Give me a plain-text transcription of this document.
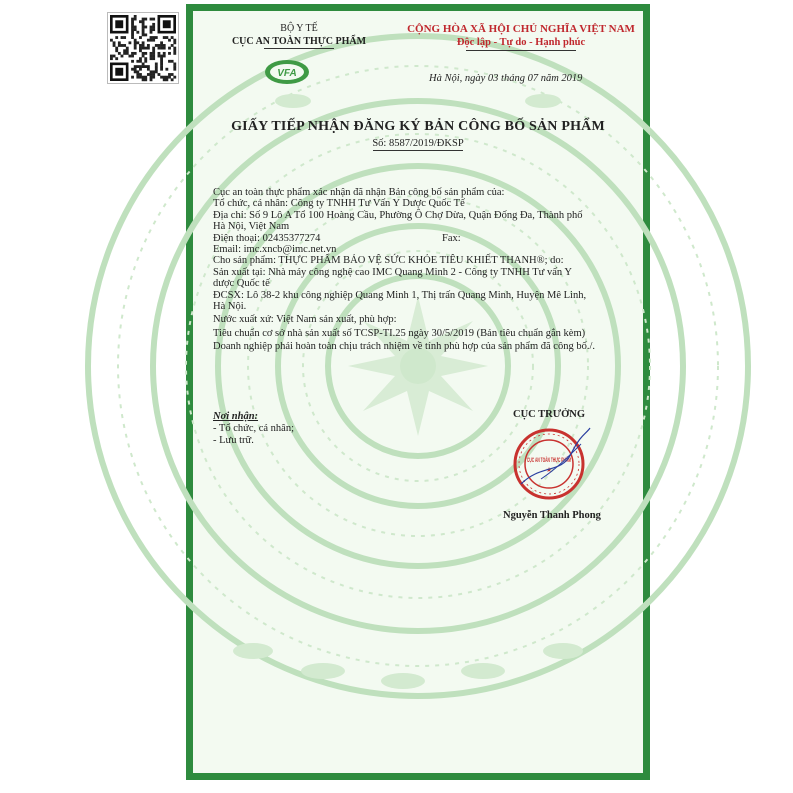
BỘ Y TẾ
CỤC AN TOÀN THỰC PHẨM
VFA
CỘNG HÒA XÃ HỘI CHỦ NGHĨA VIỆT NAM
Độc lập - Tự do - Hạnh phúc
Hà Nội, ngày 03 tháng 07 năm 2019
GIẤY TIẾP NHẬN ĐĂNG KÝ BẢN CÔNG BỐ SẢN PHẨM
Số: 8587/2019/ĐKSP
Cục an toàn thực phẩm xác nhận đã nhận Bản công bố sản phẩm của:
Tổ chức, cá nhân: Công ty TNHH Tư Vấn Y Dược Quốc Tế
Địa chỉ: Số 9 Lô A Tổ 100 Hoàng Cầu, Phường Ô Chợ Dừa, Quận Đống Đa, Thành phố
Hà Nội, Việt Nam
Điện thoại: 02435377274	Fax:
Email: imc.xncb@imc.net.vn
Cho sản phẩm: THỰC PHẨM BẢO VỆ SỨC KHỎE TIÊU KHIẾT THANH®; do:
Sản xuất tại: Nhà máy công nghệ cao IMC Quang Minh 2 - Công ty TNHH Tư vấn Y
dược Quốc tế
ĐCSX: Lô 38-2 khu công nghiệp Quang Minh 1, Thị trấn Quang Minh, Huyện Mê Linh,
Hà Nội.
Nước xuất xứ: Việt Nam sản xuất, phù hợp:
Tiêu chuẩn cơ sở nhà sản xuất số TCSP-TI.25 ngày 30/5/2019 (Bản tiêu chuẩn gắn kèm)
Doanh nghiệp phải hoàn toàn chịu trách nhiệm về tính phù hợp của sản phẩm đã công bố./.
Nơi nhận:
- Tổ chức, cá nhân;
- Lưu trữ.
CỤC TRƯỞNG
CỤC AN TOÀN THỰC PHẨM
★
Nguyễn Thanh Phong
